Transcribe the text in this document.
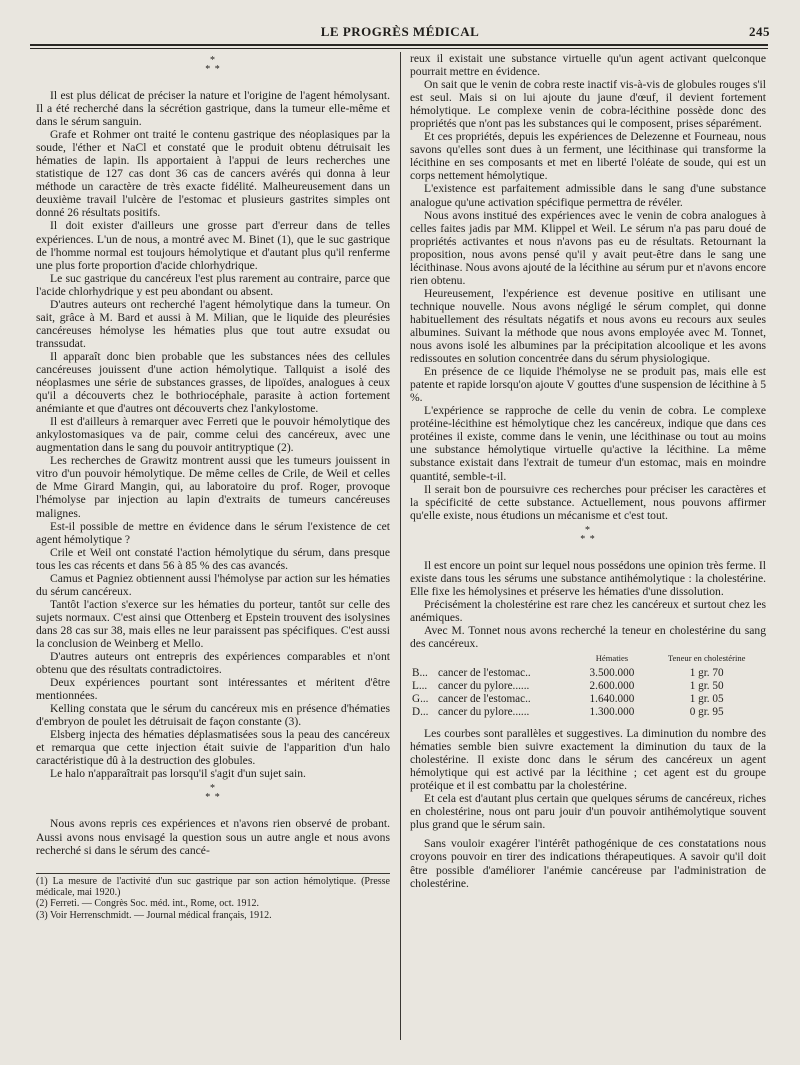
LE PROGRÈS MÉDICAL	245
*
* *

Il est plus délicat de préciser la nature et l'origine de l'agent hémolysant. Il a été recherché dans la sécrétion gastrique, dans la tumeur elle-même et dans le sérum sanguin.

Grafe et Rohmer ont traité le contenu gastrique des néoplasiques par la soude, l'éther et NaCl et constaté que le produit obtenu détruisait les hématies de lapin. Ils apportaient à l'appui de leurs recherches une statistique de 127 cas dont 36 cas de cancers avérés qui donna à leur méthode un caractère de très exacte fidélité. Malheureusement dans un deuxième travail l'ulcère de l'estomac et plusieurs gastrites simples ont donné 26 résultats positifs.

Il doit exister d'ailleurs une grosse part d'erreur dans de telles expériences. L'un de nous, a montré avec M. Binet (1), que le suc gastrique de l'homme normal est toujours hémolytique et d'autant plus qu'il renferme une plus forte proportion d'acide chlorhydrique.

Le suc gastrique du cancéreux l'est plus rarement au contraire, parce que l'acide chlorhydrique y est peu abondant ou absent.

D'autres auteurs ont recherché l'agent hémolytique dans la tumeur. On sait, grâce à M. Bard et aussi à M. Milian, que le liquide des pleurésies cancéreuses hémolyse les hématies plus que tout autre exsudat ou transsudat.

Il apparaît donc bien probable que les substances nées des cellules cancéreuses jouissent d'une action hémolytique. Tallquist a isolé des néoplasmes une série de substances grasses, de lipoïdes, analogues à ceux qu'il a découverts chez le bothriocéphale, parasite à action fortement anémiante et que d'autres ont découverts chez l'ankylostome.

Il est d'ailleurs à remarquer avec Ferreti que le pouvoir hémolytique des ankylostomasiques va de pair, comme celui des cancéreux, avec une augmentation dans le sang du pouvoir antitryptique (2).

Les recherches de Grawitz montrent aussi que les tumeurs jouissent in vitro d'un pouvoir hémolytique. De même celles de Crile, de Weil et celles de Mme Girard Mangin, qui, au laboratoire du prof. Roger, provoque l'hémolyse par injection au lapin d'extraits de tumeurs cancéreuses malignes.

Est-il possible de mettre en évidence dans le sérum l'existence de cet agent hémolytique ?

Crile et Weil ont constaté l'action hémolytique du sérum, dans presque tous les cas récents et dans 56 à 85 % des cas avancés.

Camus et Pagniez obtiennent aussi l'hémolyse par action sur les hématies du sérum cancéreux.

Tantôt l'action s'exerce sur les hématies du porteur, tantôt sur celle des sujets normaux. C'est ainsi que Ottenberg et Epstein trouvent des isolysines dans 28 cas sur 38, mais elles ne leur paraissent pas spécifiques. C'est aussi la conclusion de Weinberg et Mello.

D'autres auteurs ont entrepris des expériences comparables et n'ont obtenu que des résultats contradictoires.

Deux expériences pourtant sont intéressantes et méritent d'être mentionnées.

Kelling constata que le sérum du cancéreux mis en présence d'hématies d'embryon de poulet les détruisait de façon constante (3).

Elsberg injecta des hématies déplasmatisées sous la peau des cancéreux et remarqua que cette injection était suivie de l'apparition d'un halo caractéristique dû à la destruction des globules.

Le halo n'apparaîtrait pas lorsqu'il s'agit d'un sujet sain.

*
* *

Nous avons repris ces expériences et n'avons rien observé de probant. Aussi avons nous envisagé la question sous un autre angle et nous avons recherché si dans le sérum des cancé-

(1) La mesure de l'activité d'un suc gastrique par son action hémolytique. (Presse médicale, mai 1920.)

(2) Ferreti. — Congrès Soc. méd. int., Rome, oct. 1912.

(3) Voir Herrenschmidt. — Journal médical français, 1912.

reux il existait une substance virtuelle qu'un agent activant quelconque pourrait mettre en évidence.

On sait que le venin de cobra reste inactif vis-à-vis de globules rouges s'il est seul. Mais si on lui ajoute du jaune d'œuf, il devient fortement hémolytique. Le complexe venin de cobra-lécithine possède donc des propriétés que n'ont pas les substances qui le composent, prises séparément.

Et ces propriétés, depuis les expériences de Delezenne et Fourneau, nous savons qu'elles sont dues à un ferment, une lécithinase qui transforme la lécithine en ses composants et met en liberté l'oléate de soude, qui est un corps nettement hémolytique.

L'existence est parfaitement admissible dans le sang d'une substance analogue qu'une activation spécifique permettra de révéler.

Nous avons institué des expériences avec le venin de cobra analogues à celles faites jadis par MM. Klippel et Weil. Le sérum n'a pas paru doué de propriétés activantes et nous n'avons pas eu de résultats. Retournant la proposition, nous avons pensé qu'il y avait peut-être dans le sang une lécithinase. Nous avons ajouté de la lécithine au sérum pur et n'avons encore rien obtenu.

Heureusement, l'expérience est devenue positive en utilisant une technique nouvelle. Nous avons négligé le sérum complet, qui donne habituellement des résultats négatifs et nous avons eu recours aux seules albumines. Suivant la méthode que nous avons employée avec M. Tonnet, nous avons isolé les albumines par la précipitation alcoolique et les avons redissoutes en solution concentrée dans du sérum physiologique.

En présence de ce liquide l'hémolyse ne se produit pas, mais elle est patente et rapide lorsqu'on ajoute V gouttes d'une suspension de lécithine à 5 %.

L'expérience se rapproche de celle du venin de cobra. Le complexe protéine-lécithine est hémolytique chez les cancéreux, indique que dans ces protéines il existe, comme dans le venin, une lécithinase ou tout au moins une substance hémolytique virtuelle qu'active la lécithine. La même substance existait dans l'extrait de tumeur d'un estomac, mais en moindre quantité, semble-t-il.

Il serait bon de poursuivre ces recherches pour préciser les caractères et la spécificité de cette substance. Actuellement, nous pouvons affirmer qu'elle existe, nous étudions un mécanisme et c'est tout.

*
* *

Il est encore un point sur lequel nous possédons une opinion très ferme. Il existe dans tous les sérums une substance antihémolytique : la cholestérine. Elle fixe les hémolysines et préserve les hématies d'une dissolution.

Précisément la cholestérine est rare chez les cancéreux et surtout chez les anémiques.

Avec M. Tonnet nous avons recherché la teneur en cholestérine du sang des cancéreux.

		Hématies	Teneur en cholestérine
B...	cancer de l'estomac..	3.500.000	1 gr. 70
L...	cancer du pylore......	2.600.000	1 gr. 50
G...	cancer de l'estomac..	1.640.000	1 gr. 05
D...	cancer du pylore......	1.300.000	0 gr. 95

Les courbes sont parallèles et suggestives. La diminution du nombre des hématies semble bien suivre exactement la diminution du taux de la cholestérine. Il existe donc dans le sérum des cancéreux un agent hémolytique qui est activé par la lécithine ; cet agent est du groupe protéique et il est combattu par la cholestérine.

Et cela est d'autant plus certain que quelques sérums de cancéreux, riches en cholestérine, nous ont paru jouir d'un pouvoir antihémolytique souvent plus grand que le sérum sain.

Sans vouloir exagérer l'intérêt pathogénique de ces constatations nous croyons pouvoir en tirer des indications thérapeutiques. A savoir qu'il doit être possible d'améliorer l'anémie cancéreuse par l'administration de cholestérine.
